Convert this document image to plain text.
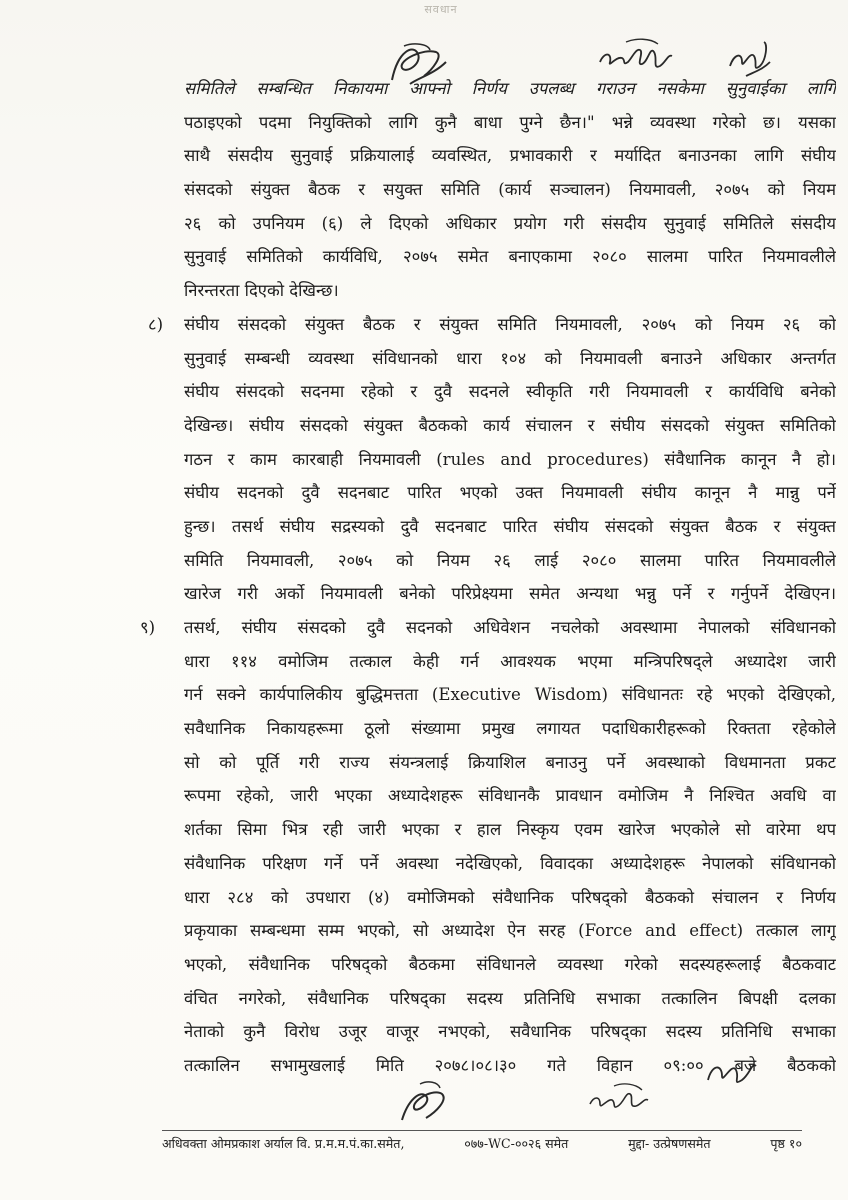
सवधान
समितिले सम्बन्धित निकायमा आफ्नो निर्णय उपलब्ध गराउन नसकेमा सुनुवाईका लागि
पठाइएको पदमा नियुक्तिको लागि कुनै बाधा पुग्ने छैन।" भन्ने व्यवस्था गरेको छ। यसका
साथै संसदीय सुनुवाई प्रक्रियालाई व्यवस्थित, प्रभावकारी र मर्यादित बनाउनका लागि संघीय
संसदको संयुक्त बैठक र सयुक्त समिति (कार्य सञ्चालन) नियमावली, २०७५ को नियम
२६ को उपनियम (६) ले दिएको अधिकार प्रयोग गरी संसदीय सुनुवाई समितिले संसदीय
सुनुवाई समितिको कार्यविधि, २०७५ समेत बनाएकामा २०८० सालमा पारित नियमावलीले
निरन्तरता दिएको देखिन्छ।
८) संघीय संसदको संयुक्त बैठक र संयुक्त समिति नियमावली, २०७५ को नियम २६ को
सुनुवाई सम्बन्धी व्यवस्था संविधानको धारा १०४ को नियमावली बनाउने अधिकार अन्तर्गत
संघीय संसदको सदनमा रहेको र दुवै सदनले स्वीकृति गरी नियमावली र कार्यविधि बनेको
देखिन्छ। संघीय संसदको संयुक्त बैठकको कार्य संचालन र संघीय संसदको संयुक्त समितिको
गठन र काम कारबाही नियमावली (rules and procedures) संवैधानिक कानून नै हो।
संघीय सदनको दुवै सदनबाट पारित भएको उक्त नियमावली संघीय कानून नै मान्नु पर्ने
हुन्छ। तसर्थ संघीय सद्रस्यको दुवै सदनबाट पारित संघीय संसदको संयुक्त बैठक र संयुक्त
समिति नियमावली, २०७५ को नियम २६ लाई २०८० सालमा पारित नियमावलीले
खारेज गरी अर्को नियमावली बनेको परिप्रेक्ष्यमा समेत अन्यथा भन्नु पर्ने र गर्नुपर्ने देखिएन।
९) तसर्थ, संघीय संसदको दुवै सदनको अधिवेशन नचलेको अवस्थामा नेपालको संविधानको
धारा ११४ वमोजिम तत्काल केही गर्न आवश्यक भएमा मन्त्रिपरिषद्ले अध्यादेश जारी
गर्न सक्ने कार्यपालिकीय बुद्धिमत्तता (Executive Wisdom) संविधानतः रहे भएको देखिएको,
सवैधानिक निकायहरूमा ठूलो संख्यामा प्रमुख लगायत पदाधिकारीहरूको रिक्तता रहेकोले
सो को पूर्ति गरी राज्य संयन्त्रलाई क्रियाशिल बनाउनु पर्ने अवस्थाको विधमानता प्रकट
रूपमा रहेको, जारी भएका अध्यादेशहरू संविधानकै प्रावधान वमोजिम नै निश्चित अवधि वा
शर्तका सिमा भित्र रही जारी भएका र हाल निस्कृय एवम खारेज भएकोले सो वारेमा थप
संवैधानिक परिक्षण गर्ने पर्ने अवस्था नदेखिएको, विवादका अध्यादेशहरू नेपालको संविधानको
धारा २८४ को उपधारा (४) वमोजिमको संवैधानिक परिषद्को बैठकको संचालन र निर्णय
प्रकृयाका सम्बन्धमा सम्म भएको, सो अध्यादेश ऐन सरह (Force and effect) तत्काल लागू
भएको, संवैधानिक परिषद्को बैठकमा संविधानले व्यवस्था गरेको सदस्यहरूलाई बैठकवाट
वंचित नगरेको, संवैधानिक परिषद्का सदस्य प्रतिनिधि सभाका तत्कालिन बिपक्षी दलका
नेताको कुनै विरोध उजूर वाजूर नभएको, सवैधानिक परिषद्का सदस्य प्रतिनिधि सभाका
तत्कालिन सभामुखलाई मिति २०७८।०८।३० गते विहान ०९:०० बजे बैठकको
अधिवक्ता ओमप्रकाश अर्याल वि. प्र.म.म.पं.का.समेत,	०७७-WC-००२६ समेत	मुद्दा- उत्प्रेषणसमेत	पृष्ठ १०
